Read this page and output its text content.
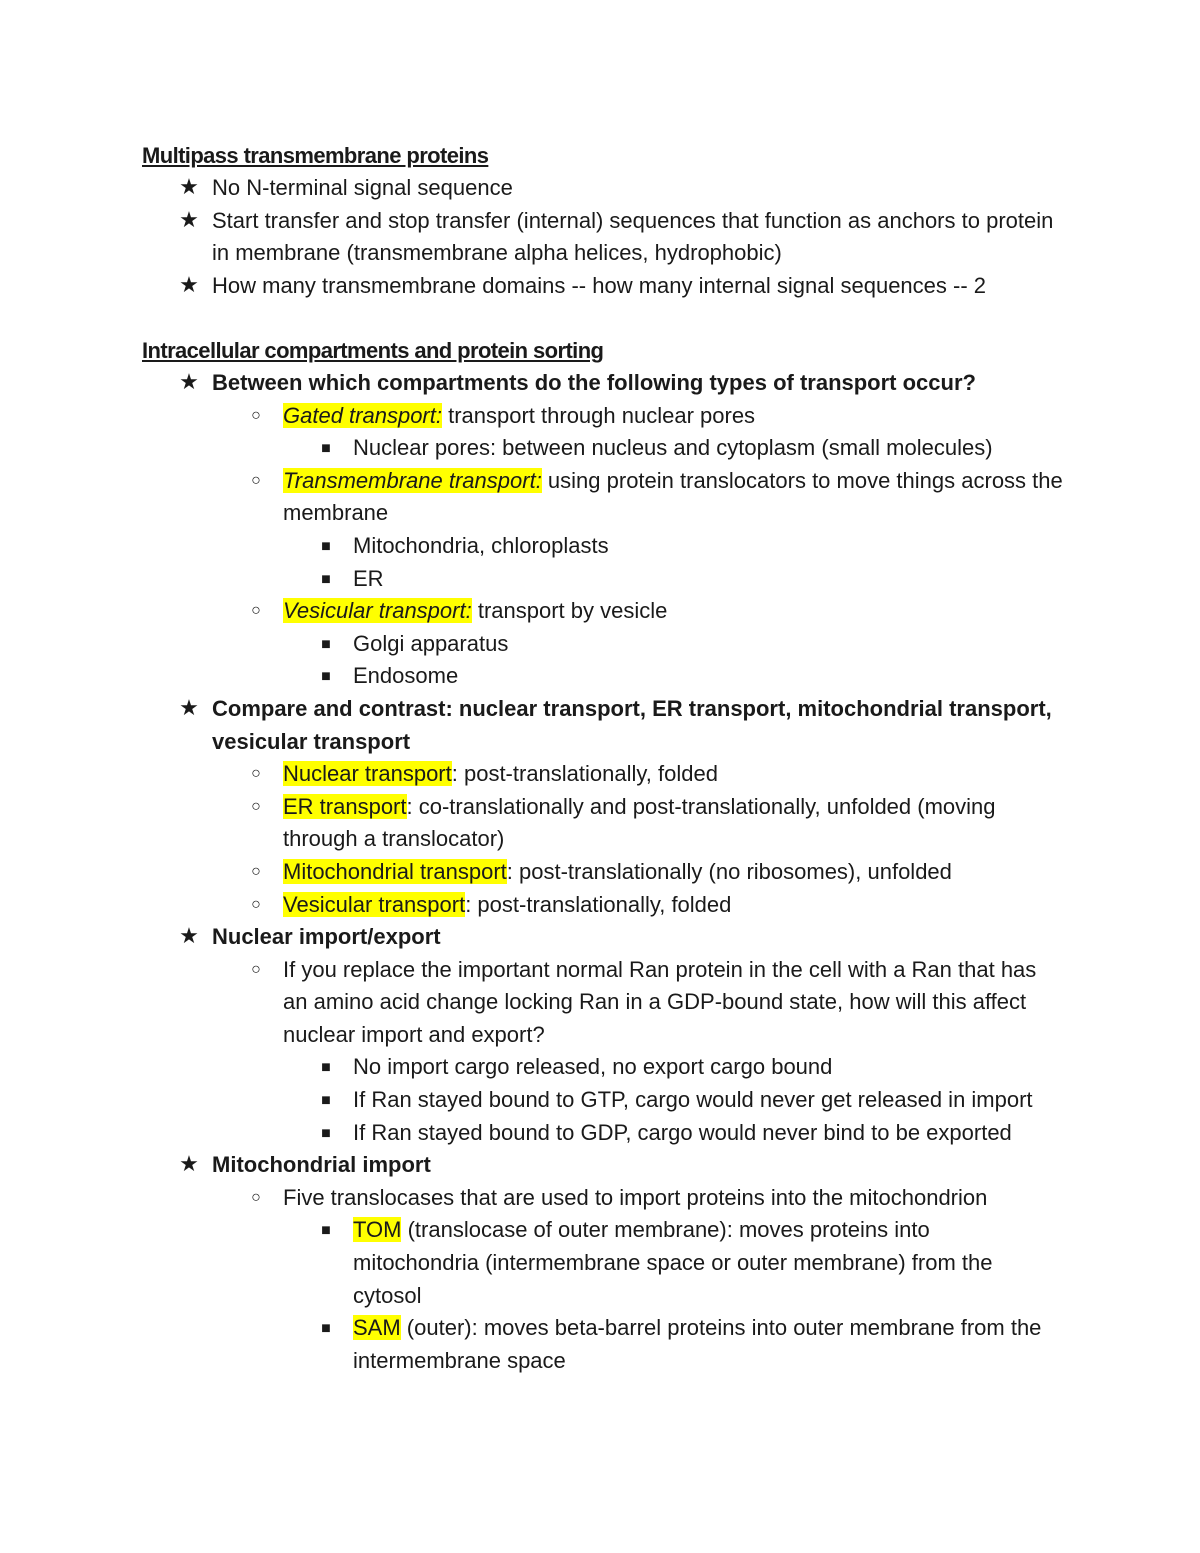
Multipass transmembrane proteins
★ No N-terminal signal sequence
★ Start transfer and stop transfer (internal) sequences that function as anchors to protein in membrane (transmembrane alpha helices, hydrophobic)
★ How many transmembrane domains -- how many internal signal sequences -- 2
Intracellular compartments and protein sorting
★ Between which compartments do the following types of transport occur?
○ Gated transport: transport through nuclear pores
■ Nuclear pores: between nucleus and cytoplasm (small molecules)
○ Transmembrane transport: using protein translocators to move things across the membrane
■ Mitochondria, chloroplasts
■ ER
○ Vesicular transport: transport by vesicle
■ Golgi apparatus
■ Endosome
★ Compare and contrast: nuclear transport, ER transport, mitochondrial transport, vesicular transport
○ Nuclear transport: post-translationally, folded
○ ER transport: co-translationally and post-translationally, unfolded (moving through a translocator)
○ Mitochondrial transport: post-translationally (no ribosomes), unfolded
○ Vesicular transport: post-translationally, folded
★ Nuclear import/export
○ If you replace the important normal Ran protein in the cell with a Ran that has an amino acid change locking Ran in a GDP-bound state, how will this affect nuclear import and export?
■ No import cargo released, no export cargo bound
■ If Ran stayed bound to GTP, cargo would never get released in import
■ If Ran stayed bound to GDP, cargo would never bind to be exported
★ Mitochondrial import
○ Five translocases that are used to import proteins into the mitochondrion
■ TOM (translocase of outer membrane): moves proteins into mitochondria (intermembrane space or outer membrane) from the cytosol
■ SAM (outer): moves beta-barrel proteins into outer membrane from the intermembrane space
